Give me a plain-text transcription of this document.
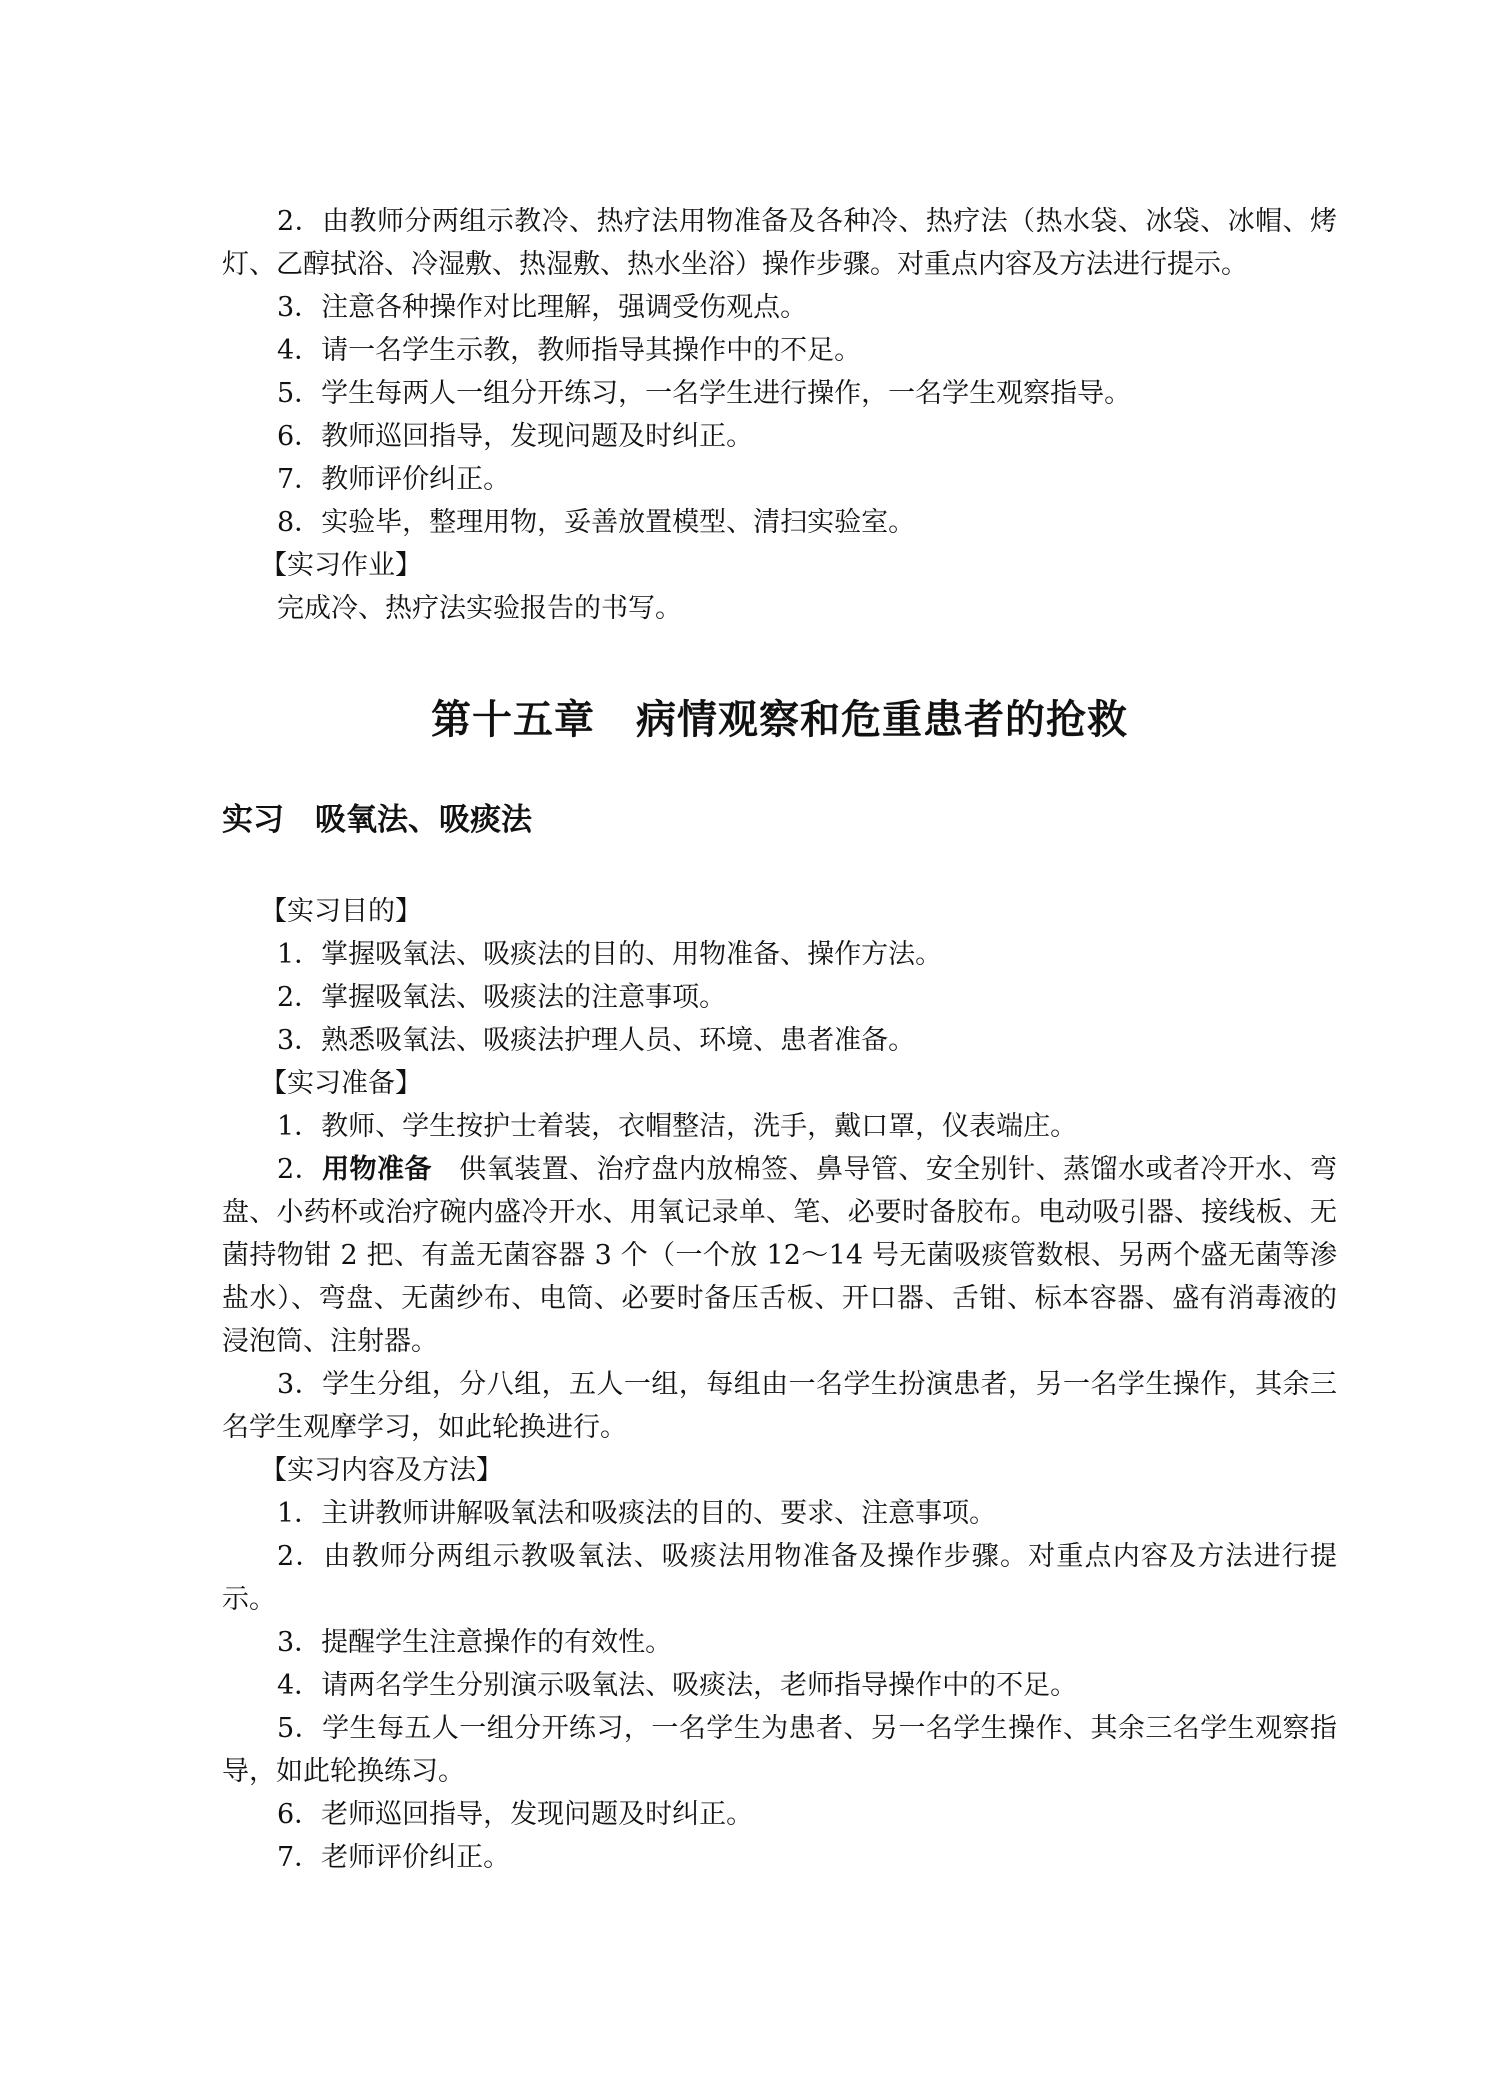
2．由教师分两组示教冷、热疗法用物准备及各种冷、热疗法（热水袋、冰袋、冰帽、烤灯、乙醇拭浴、冷湿敷、热湿敷、热水坐浴）操作步骤。对重点内容及方法进行提示。

3．注意各种操作对比理解，强调受伤观点。

4．请一名学生示教，教师指导其操作中的不足。

5．学生每两人一组分开练习，一名学生进行操作，一名学生观察指导。

6．教师巡回指导，发现问题及时纠正。

7．教师评价纠正。

8．实验毕，整理用物，妥善放置模型、清扫实验室。

【实习作业】

完成冷、热疗法实验报告的书写。

第十五章　病情观察和危重患者的抢救
实习　吸氧法、吸痰法

【实习目的】

1．掌握吸氧法、吸痰法的目的、用物准备、操作方法。

2．掌握吸氧法、吸痰法的注意事项。

3．熟悉吸氧法、吸痰法护理人员、环境、患者准备。

【实习准备】

1．教师、学生按护士着装，衣帽整洁，洗手，戴口罩，仪表端庄。

2．用物准备　供氧装置、治疗盘内放棉签、鼻导管、安全别针、蒸馏水或者冷开水、弯盘、小药杯或治疗碗内盛冷开水、用氧记录单、笔、必要时备胶布。电动吸引器、接线板、无菌持物钳 2 把、有盖无菌容器 3 个（一个放 12～14 号无菌吸痰管数根、另两个盛无菌等渗盐水）、弯盘、无菌纱布、电筒、必要时备压舌板、开口器、舌钳、标本容器、盛有消毒液的浸泡筒、注射器。

3．学生分组，分八组，五人一组，每组由一名学生扮演患者，另一名学生操作，其余三名学生观摩学习，如此轮换进行。

【实习内容及方法】

1．主讲教师讲解吸氧法和吸痰法的目的、要求、注意事项。

2．由教师分两组示教吸氧法、吸痰法用物准备及操作步骤。对重点内容及方法进行提示。

3．提醒学生注意操作的有效性。

4．请两名学生分别演示吸氧法、吸痰法，老师指导操作中的不足。

5．学生每五人一组分开练习，一名学生为患者、另一名学生操作、其余三名学生观察指导，如此轮换练习。

6．老师巡回指导，发现问题及时纠正。

7．老师评价纠正。
